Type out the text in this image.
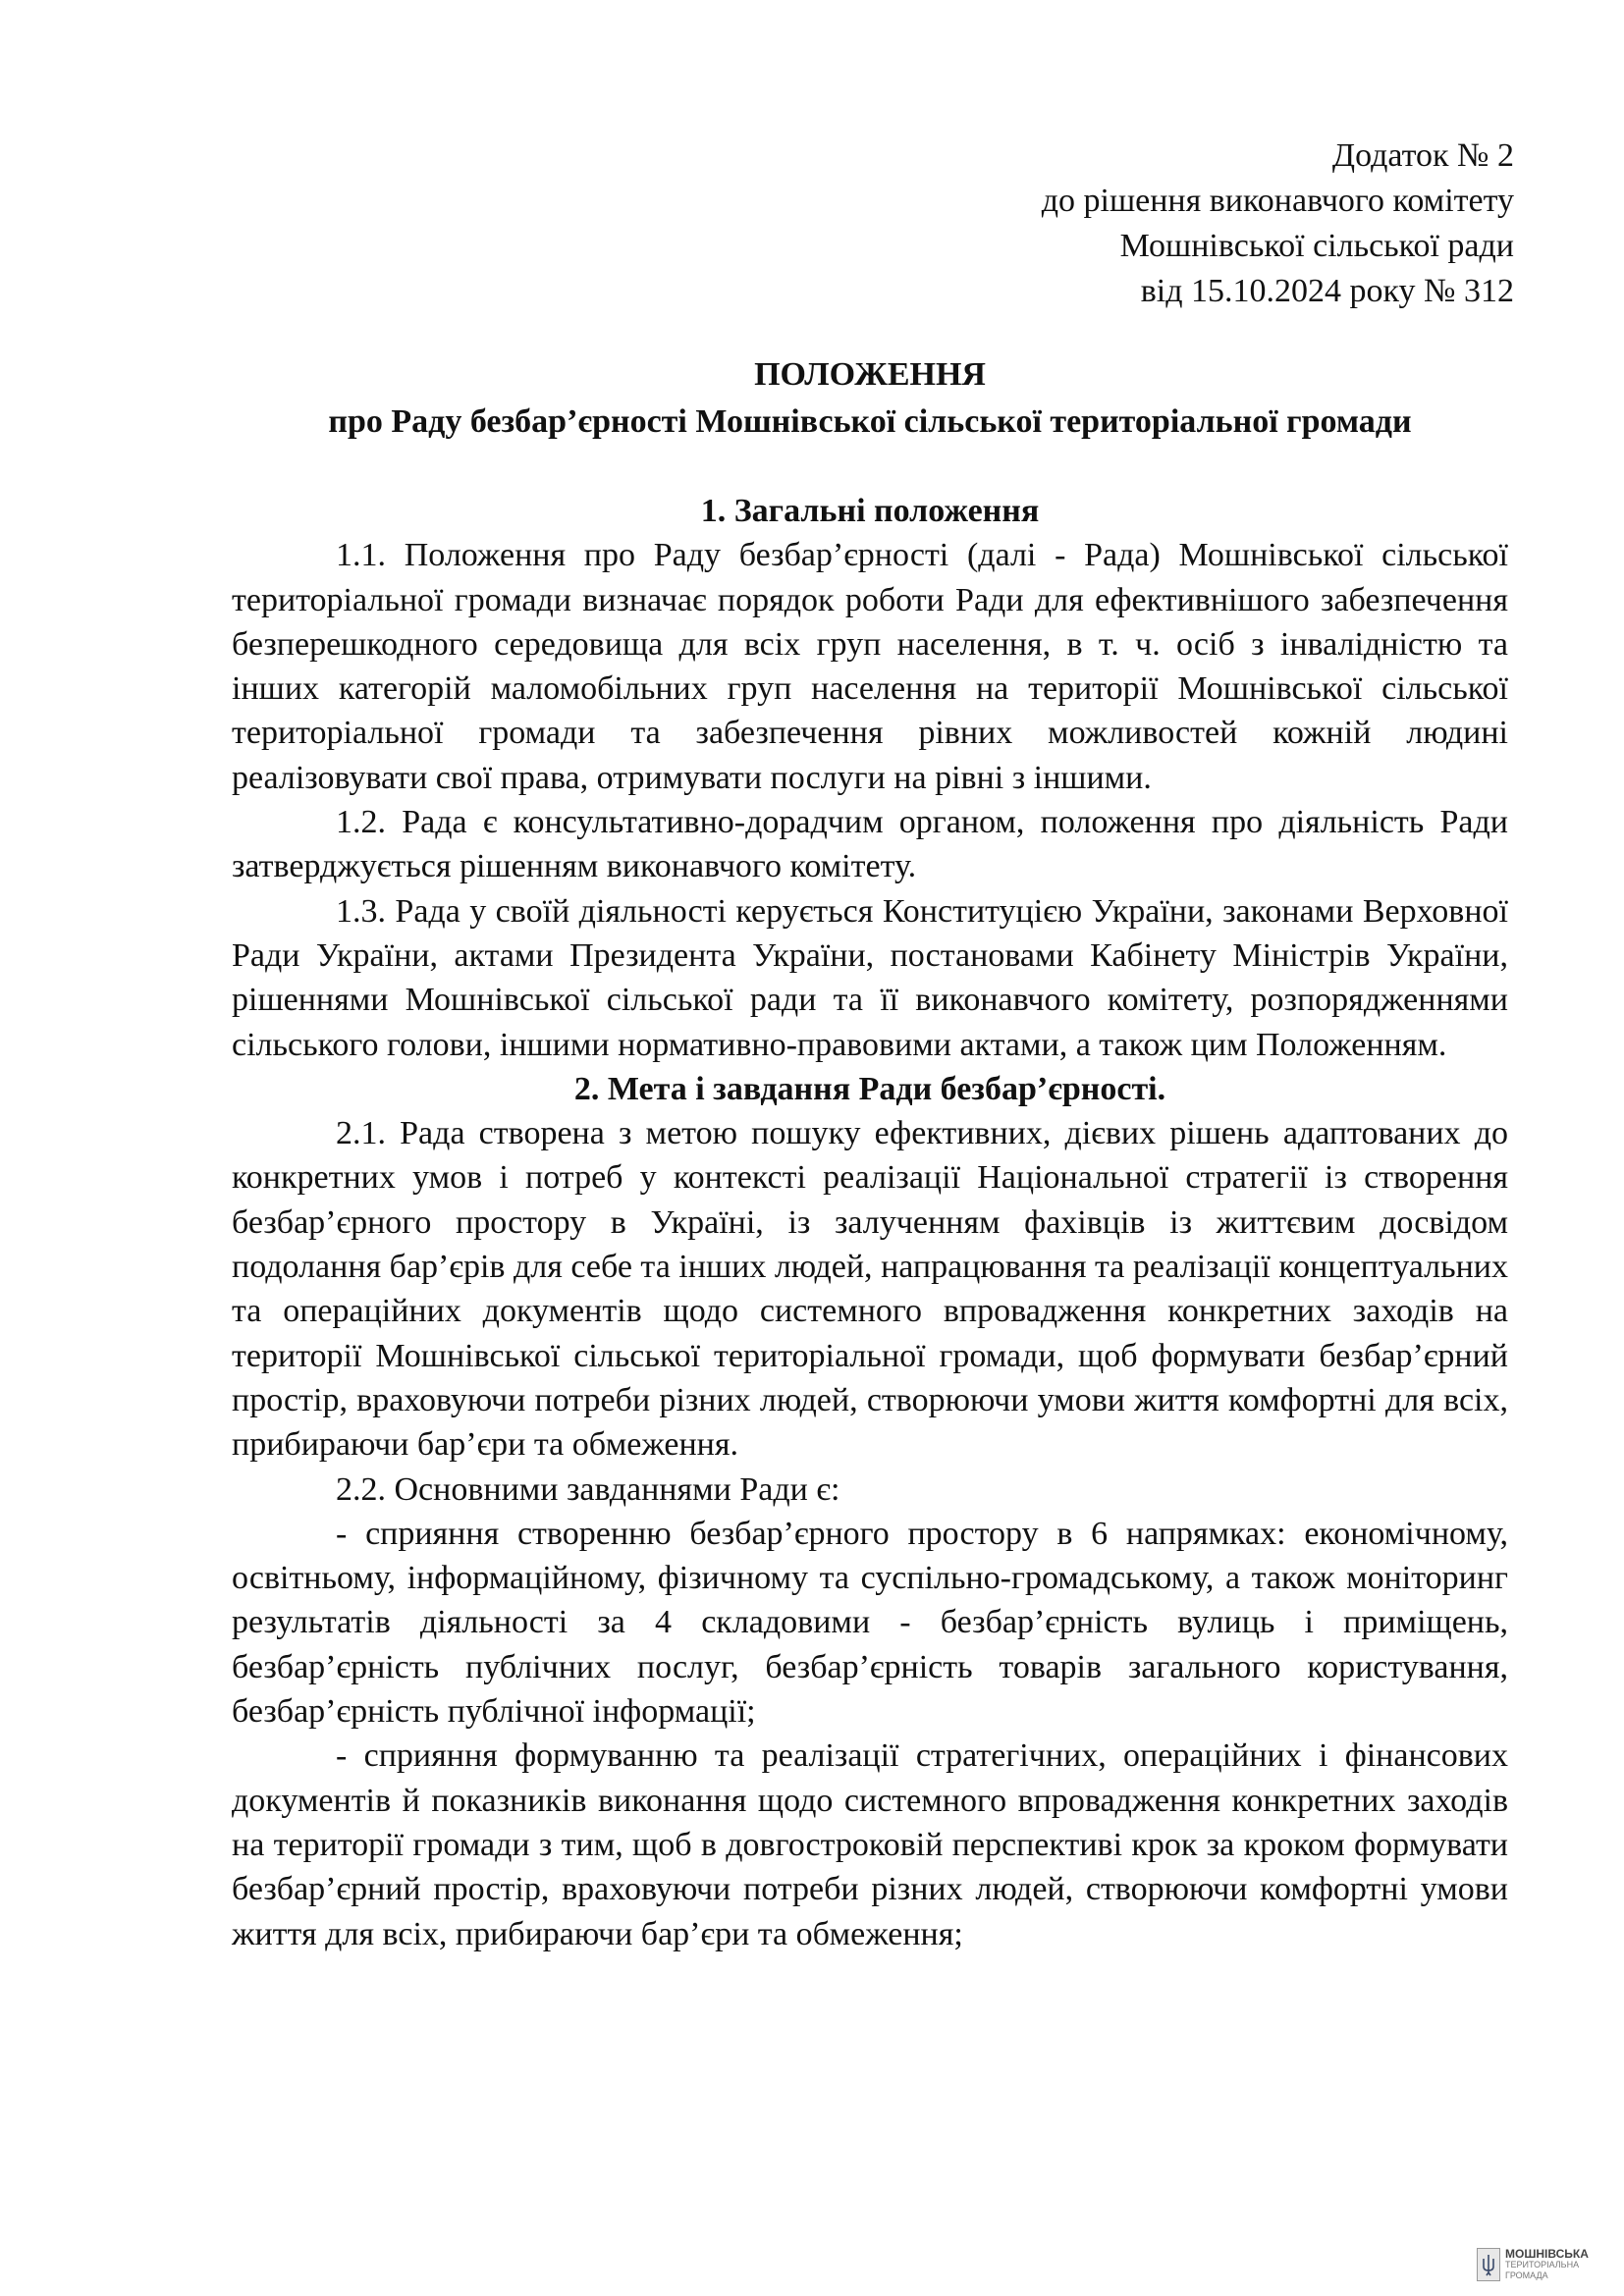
Додаток № 2
до рішення виконавчого комітету
Мошнівської сільської ради
від 15.10.2024 року № 312
ПОЛОЖЕННЯ
про Раду безбар’єрності Мошнівської сільської територіальної громади
1. Загальні положення

1.1. Положення про Раду безбар’єрності (далі - Рада) Мошнівської сільської територіальної громади визначає порядок роботи Ради для ефективнішого забезпечення безперешкодного середовища для всіх груп населення, в т. ч. осіб з інвалідністю та інших категорій маломобільних груп населення на території Мошнівської сільської територіальної громади та забезпечення рівних можливостей кожній людині реалізовувати свої права, отримувати послуги на рівні з іншими.

1.2. Рада є консультативно-дорадчим органом, положення про діяльність Ради затверджується рішенням виконавчого комітету.

1.3. Рада у своїй діяльності керується Конституцією України, законами Верховної Ради України, актами Президента України, постановами Кабінету Міністрів України, рішеннями Мошнівської сільської ради та її виконавчого комітету, розпорядженнями сільського голови, іншими нормативно-правовими актами, а також цим Положенням.

2. Мета і завдання Ради безбар’єрності.

2.1. Рада створена з метою пошуку ефективних, дієвих рішень адаптованих до конкретних умов і потреб у контексті реалізації Національної стратегії із створення безбар’єрного простору в Україні, із залученням фахівців із життєвим досвідом подолання бар’єрів для себе та інших людей, напрацювання та реалізації концептуальних та операційних документів щодо системного впровадження конкретних заходів на території Мошнівської сільської територіальної громади, щоб формувати безбар’єрний простір, враховуючи потреби різних людей, створюючи умови життя комфортні для всіх, прибираючи бар’єри та обмеження.

2.2. Основними завданнями Ради є:

- сприяння створенню безбар’єрного простору в 6 напрямках: економічному, освітньому, інформаційному, фізичному та суспільно-громадському, а також моніторинг результатів діяльності за 4 складовими - безбар’єрність вулиць і приміщень, безбар’єрність публічних послуг, безбар’єрність товарів загального користування, безбар’єрність публічної інформації;

- сприяння формуванню та реалізації стратегічних, операційних і фінансових документів й показників виконання щодо системного впровадження конкретних заходів на території громади з тим, щоб в довгостроковій перспективі крок за кроком формувати безбар’єрний простір, враховуючи потреби різних людей, створюючи комфортні умови життя для всіх, прибираючи бар’єри та обмеження;

МОШНІВСЬКА
ТЕРИТОРІАЛЬНА
ГРОМАДА
